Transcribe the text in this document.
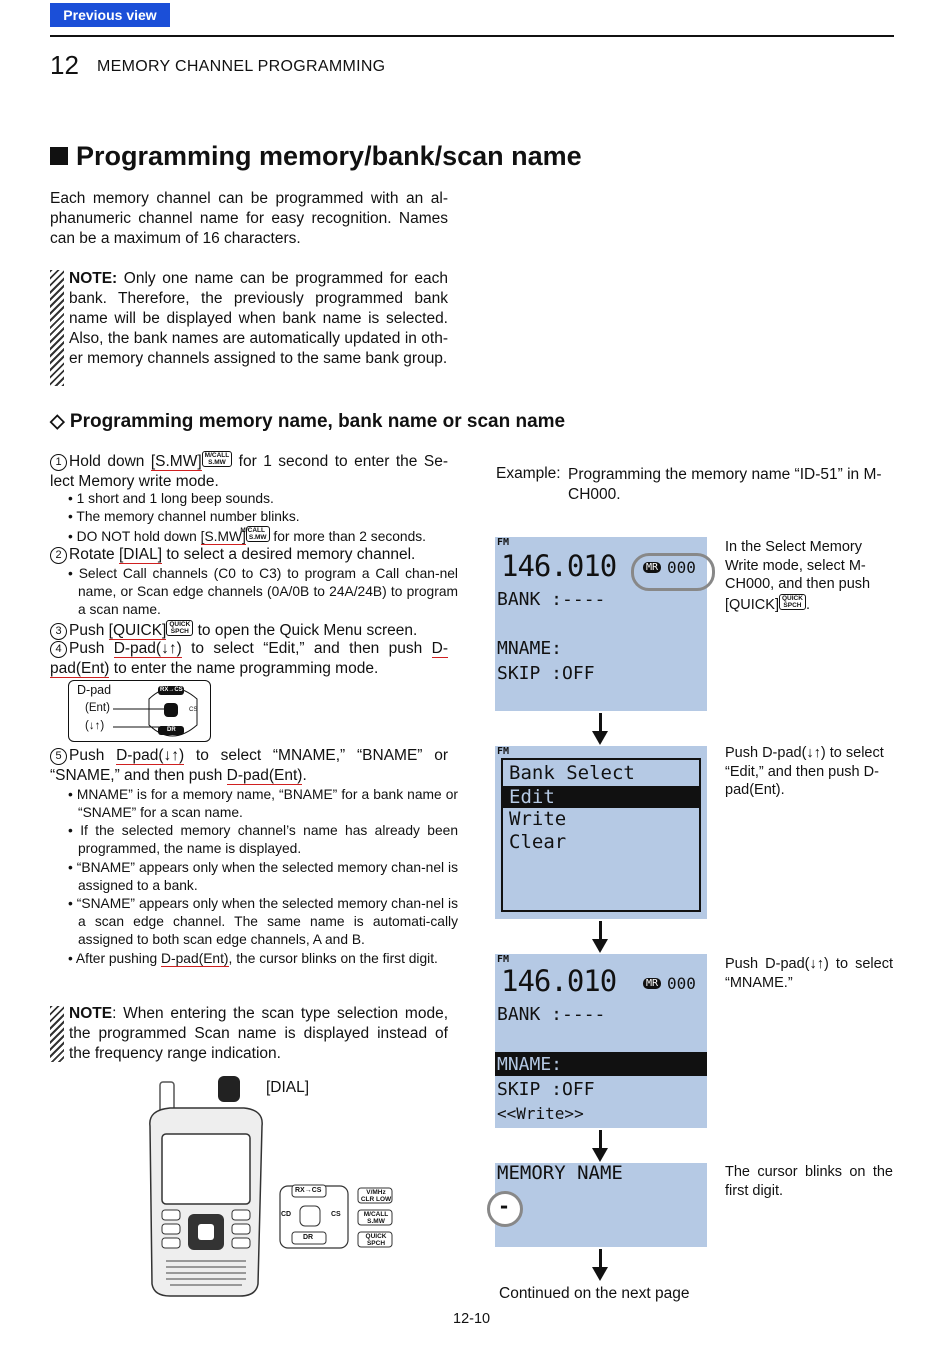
Previous view
12 MEMORY CHANNEL PROGRAMMING
Programming memory/bank/scan name
Each memory channel can be programmed with an al-phanumeric channel name for easy recognition. Names can be a maximum of 16 characters.
NOTE: Only one name can be programmed for each bank. Therefore, the previously programmed bank name will be displayed when bank name is selected. Also, the bank names are automatically updated in oth-er memory channels assigned to the same bank group.
◇ Programming memory name, bank name or scan name
1 Hold down [S.MW] M/CALL
S.MW for 1 second to enter the Se-lect Memory write mode.
• 1 short and 1 long beep sounds.
• The memory channel number blinks.
• DO NOT hold down [S.MW]M/CALL
S.MW for more than 2 seconds.
2 Rotate [DIAL] to select a desired memory channel.
• Select Call channels (C0 to C3) to program a Call chan-nel name, or Scan edge channels (0A/0B to 24A/24B) to program a scan name.
3 Push [QUICK] QUICK
SPCH to open the Quick Menu screen.
4 Push D-pad(↓↑) to select “Edit,” and then push D-pad(Ent) to enter the name programming mode.
D-pad
(Ent)
(↓↑)
RX→CS
DR
CS
5 Push D-pad(↓↑) to select “MNAME,” “BNAME” or “SNAME,” and then push D-pad(Ent).
• MNAME” is for a memory name, “BNAME” for a bank name or “SNAME” for a scan name.
• If the selected memory channel’s name has already been programmed, the name is displayed.
• “BNAME” appears only when the selected memory chan-nel is assigned to a bank.
• “SNAME” appears only when the selected memory chan-nel is a scan edge channel. The same name is automati-cally assigned to both scan edge channels, A and B.
• After pushing D-pad(Ent), the cursor blinks on the first digit.
NOTE: When entering the scan type selection mode, the programmed Scan name is displayed instead of the frequency range indication.
[DIAL]
RX→CS
DR
CD	CS
V/MHz
CLR LOW
M/CALL
S.MW
QUICK
SPCH
Example: Programming the memory name “ID-51” in M-CH000.
FM
146.010	MR 000
BANK :----
MNAME:
SKIP :OFF
In the Select Memory Write mode, select M-CH000, and then push [QUICK] QUICK
SPCH .
FM
Bank Select
Edit
Write
Clear
Push D-pad(↓↑) to select “Edit,” and then push D-pad(Ent).
FM
146.010	MR 000
BANK :----
MNAME:
SKIP :OFF
<<Write>>
Push D-pad(↓↑) to select “MNAME.”
MEMORY NAME
-
The cursor blinks on the first digit.
Continued on the next page
12-10
